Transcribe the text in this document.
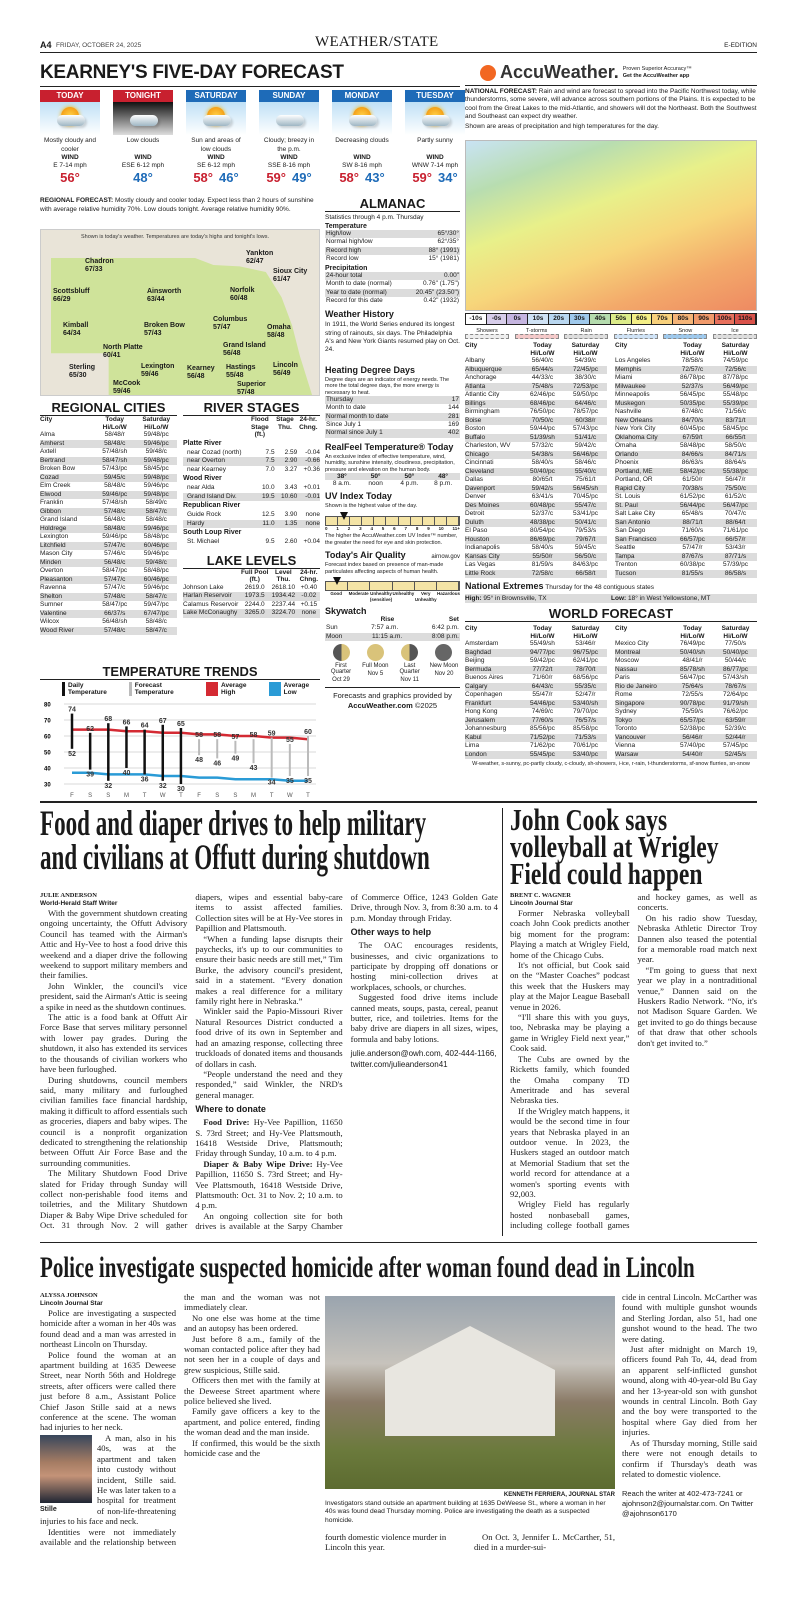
A4 FRIDAY, OCTOBER 24, 2025	WEATHER/STATE	E-EDITION
KEARNEY'S FIVE-DAY FORECAST
TODAY
Mostly cloudy and cooler
WIND
E 7-14 mph
56°
TONIGHT
Low clouds
WIND
ESE 6-12 mph
48°
SATURDAY
Sun and areas of low clouds
WIND
SE 6-12 mph
58° 46°
SUNDAY
Cloudy; breezy in the p.m.
WIND
SSE 8-16 mph
59° 49°
MONDAY
Decreasing clouds
WIND
SW 8-16 mph
58° 43°
TUESDAY
Partly sunny
WIND
WNW 7-14 mph
59° 34°
REGIONAL FORECAST: Mostly cloudy and cooler today. Expect less than 2 hours of sunshine with average relative humidity 70%. Low clouds tonight. Average relative humidity 90%.
Shown is today's weather. Temperatures are today's highs and tonight's lows.
Chadron
67/33
Scottsbluff
66/29
Kimball
64/34
Sterling
65/30
North Platte
60/41
McCook
59/46
Ainsworth
63/44
Broken Bow
57/43
Lexington
59/46
Kearney
56/48
Yankton
62/47
Sioux City
61/47
Norfolk
60/48
Columbus
57/47	Omaha
58/48
Grand Island
56/48
Hastings
55/48
Lincoln
56/49
Superior
57/48
REGIONAL CITIES
City	Today Hi/Lo/W
Saturday Hi/Lo/W
Alma	58/48/r	59/48/pc
Amherst	58/48/c	59/46/pc
Axtell	57/48/sh	59/48/c
Bertrand	58/47/sh	59/48/pc
Broken Bow	57/43/pc	58/45/pc
Cozad	59/45/c	59/48/pc
Elm Creek	58/48/c	59/46/pc
Elwood	59/46/pc	59/48/pc
Franklin	57/48/sh	58/49/c
Gibbon	57/48/c	58/47/c
Grand Island	56/48/c	58/48/c
Holdrege	58/48/c	59/46/pc
Lexington	59/46/pc	58/48/pc
Litchfield	57/47/c	60/46/pc
Mason City	57/46/c	59/46/pc
Minden	56/48/c	59/48/c
Overton	58/47/pc	58/48/pc
Pleasanton	57/47/c	60/46/pc
Ravenna	57/47/c	59/46/pc
Shelton	57/48/c	58/47/c
Sumner	58/47/pc	59/47/pc
Valentine	66/37/s	67/47/pc
Wilcox	56/48/sh	58/48/c
Wood River	57/48/c	58/47/c
RIVER STAGES
Flood Stage (ft.)
Stage Thu.
24-hr. Chng.
Platte River
near Cozad (north)	7.5	2.59	-0.04
near Overton	7.5	2.90	-0.66
near Kearney	7.0	3.27 +0.36
Wood River
near Alda	10.0	3.43 +0.01
Grand Island Div.	19.5 10.60	-0.01
Republican River
Guide Rock	12.5	3.90	none
Hardy	11.0	1.35	none
South Loup River
St. Michael	9.5	2.60 +0.04
LAKE LEVELS
Full Pool (ft.)
Level Thu.
24-hr. Chng.
Johnson Lake	2619.0	2618.10 +0.40
Harlan Reservoir	1973.5	1934.42 -0.02
Calamus Reservoir 2244.0	2237.44 +0.15
Lake McConaughy	3265.0	3224.70	none
TEMPERATURE TRENDS
Daily Temperature
Forecast Temperature
Average High
Average Low
80
70
60
50
40
30
74
52
F
62
39
S
68
32
S
66
40
M
64
36
T
67
32
W
65
30
T
58
48
F
58
46
S
57
49
S
58
43
M
59
34
T
55
35
W
60
35
T
ALMANAC
Statistics through 4 p.m. Thursday
Temperature
High/low	65°/30°
Normal high/low	62°/35°
Record high	88° (1991)
Record low	15° (1981)
Precipitation
24-hour total	0.00"
Month to date (normal)	0.76" (1.75")
Year to date (normal)	20.45" (23.50")
Record for this date	0.42" (1932)
Weather History

In 1911, the World Series endured its longest string of rainouts, six days. The Philadelphia A's and New York Giants resumed play on Oct. 24.

Heating Degree Days

Degree days are an indicator of energy needs. The more the total degree days, the more energy is necessary to heat.

Thursday	17
Month to date	144
Normal month to date	281
Since July 1	169
Normal since July 1	402
RealFeel Temperature® Today

An exclusive index of effective temperature, wind, humidity, sunshine intensity, cloudiness, precipitation, pressure and elevation on the human body.

38°	50°	50°	48°
8 a.m.	noon	4 p.m.	8 p.m.
UV Index Today

Shown is the highest value of the day.

0 1 2 3 4 5 6 7 8 9 10 11+

The higher the AccuWeather.com UV Index™ number, the greater the need for eye and skin protection.

Today's Air Quality	airnow.gov

Forecast index based on presence of man-made particulates affecting aspects of human health.

Good	Moderate Unhealthy (sensitive)
Unhealthy	Very Unhealthy
Hazardous
Skywatch
Rise	Set
Sun	7:57 a.m.	6:42 p.m.
Moon	11:15 a.m.	8:08 p.m.
First Quarter
Oct 29
Full Moon
Nov 5
Last Quarter
Nov 11
New Moon
Nov 20
Forecasts and graphics provided by
AccuWeather.com ©2025
AccuWeather. Proven Superior Accuracy™
Get the AccuWeather app
NATIONAL FORECAST: Rain and wind are forecast to spread into the Pacific Northwest today, while thunderstorms, some severe, will advance across southern portions of the Plains. It is expected to be cool from the Great Lakes to the mid-Atlantic, and showers will dot the Northeast. Both the Southwest and Southeast can expect dry weather.
Shown are areas of precipitation and high temperatures for the day.
-10s	-0s	0s	10s	20s	30s	40s	50s	60s	70s	80s	90s	100s 110s
Showers	T-storms	Rain	Flurries	Snow	Ice
City	Today Hi/Lo/W
Saturday Hi/Lo/W
Albany	56/40/c	54/39/c
Albuquerque	65/44/s	72/45/pc
Anchorage	44/33/c	38/30/c
Atlanta	75/48/s	72/53/pc
Atlantic City	62/46/pc	59/50/pc
Billings	68/46/pc	64/46/c
Birmingham	76/50/pc	78/57/pc
Boise	70/50/c	60/38/r
Boston	59/44/pc	57/43/pc
Buffalo	51/39/sh	51/41/c
Charleston, WV	57/32/c	59/42/c
Chicago	54/38/s	56/46/pc
Cincinnati	58/40/s	58/46/c
Cleveland	50/40/pc	55/40/c
Dallas	80/65/t	75/61/t
Davenport	59/42/s	56/45/sh
Denver	63/41/s	70/45/pc
Des Moines	60/48/pc	55/47/c
Detroit	52/37/c	53/41/pc
Duluth	48/38/pc	50/41/c
El Paso	80/54/pc	79/53/s
Houston	86/69/pc	79/67/t
Indianapolis	58/40/s	59/45/c
Kansas City	55/50/r	56/50/c
Las Vegas	81/59/s	84/63/pc
Little Rock	72/58/c	66/58/t
City	Today Hi/Lo/W
Saturday Hi/Lo/W
Los Angeles	78/58/s	74/59/pc
Memphis	72/57/c	72/56/c
Miami	86/78/pc	87/78/pc
Milwaukee	52/37/s	56/49/pc
Minneapolis	56/45/pc	55/48/pc
Muskegon	50/35/pc	55/39/pc
Nashville	67/48/c	71/56/c
New Orleans	84/70/s	83/71/t
New York City	60/45/pc	58/45/pc
Oklahoma City	67/59/t	66/55/t
Omaha	58/48/pc	58/50/c
Orlando	84/66/s	84/71/s
Phoenix	86/63/s	88/64/s
Portland, ME	58/42/pc	55/38/pc
Portland, OR	61/50/r	56/47/r
Rapid City	70/38/s	75/50/c
St. Louis	61/52/pc	61/52/c
St. Paul	56/44/pc	56/47/pc
Salt Lake City	65/48/s	70/47/c
San Antonio	88/71/t	88/64/t
San Diego	71/60/s	71/61/pc
San Francisco	66/57/pc	66/57/r
Seattle	57/47/r	53/43/r
Tampa	87/67/s	87/71/s
Trenton	60/38/pc	57/39/pc
Tucson	81/55/s	86/58/s
National Extremes Thursday for the 48 contiguous states
High: 95° in Brownsville, TX	Low: 18° in West Yellowstone, MT
WORLD FORECAST
City	Today Hi/Lo/W
Saturday Hi/Lo/W
Amsterdam	55/49/sh	53/46/r
Baghdad	94/77/pc	96/75/pc
Beijing	59/42/pc	62/41/pc
Bermuda	77/72/t	78/70/t
Buenos Aires	71/60/r	68/56/pc
Calgary	64/43/c	55/35/c
Copenhagen	55/47/r	52/47/r
Frankfurt	54/46/pc	53/40/sh
Hong Kong	74/69/c	79/70/pc
Jerusalem	77/60/s	76/57/s
Johannesburg	85/56/pc	85/58/pc
Kabul	71/52/pc	71/53/s
Lima	71/62/pc	70/61/pc
London	55/45/pc	53/40/pc
City	Today Hi/Lo/W
Saturday Hi/Lo/W
Mexico City	76/49/pc	77/50/s
Montreal	50/40/sh	50/40/pc
Moscow	48/41/r	50/44/c
Nassau	85/78/sh	86/77/pc
Paris	56/47/pc	57/43/sh
Rio de Janeiro	75/64/s	78/67/s
Rome	72/55/s	72/64/pc
Singapore	90/78/pc	91/79/sh
Sydney	75/59/s	76/62/pc
Tokyo	65/57/pc	63/59/r
Toronto	52/38/pc	52/39/c
Vancouver	56/46/r	52/44/r
Vienna	57/40/pc	57/45/pc
Warsaw	54/40/r	52/45/s
W-weather, s-sunny, pc-partly cloudy, c-cloudy, sh-showers, i-ice, r-rain, t-thunderstorms, sf-snow flurries, sn-snow
Food and diaper drives to help military
and civilians at Offutt during shutdown
JULIE ANDERSON
World-Herald Staff Writer

With the government shutdown creating ongoing uncertainty, the Offutt Advisory Council has teamed with the Airman's Attic and Hy-Vee to host a food drive this weekend and a diaper drive the following weekend to support military members and their families.

John Winkler, the council's vice president, said the Airman's Attic is seeing a spike in need as the shutdown continues.

The attic is a food bank at Offutt Air Force Base that serves military personnel with lower pay grades. During the shutdown, it also has extended its services to the thousands of civilian workers who have been furloughed.

During shutdowns, council members said, many military and furloughed civilian families face financial hardship, making it difficult to afford essentials such as groceries, diapers and baby wipes. The council is a nonprofit organization dedicated to strengthening the relationship between Offutt Air Force Base and the surrounding communities.

The Military Shutdown Food Drive slated for Friday through Sunday will collect non-perishable food items and toiletries, and the Military Shutdown Diaper & Baby Wipe Drive scheduled for Oct. 31 through Nov. 2 will gather diapers, wipes and essential baby-care items to assist affected families. Collection sites will be at Hy-Vee stores in Papillion and Plattsmouth.

“When a funding lapse disrupts their paychecks, it's up to our communities to ensure their basic needs are still met,” Tim Burke, the advisory council's president, said in a statement. “Every donation makes a real difference for a military family right here in Nebraska.”

Winkler said the Papio-Missouri River Natural Resources District conducted a food drive of its own in September and had an amazing response, collecting three truckloads of donated items and thousands of dollars in cash.

“People understand the need and they responded,” said Winkler, the NRD's general manager.

Where to donate

Food Drive: Hy-Vee Papillion, 11650 S. 73rd Street; and Hy-Vee Plattsmouth, 16418 Westside Drive, Plattsmouth; Friday through Sunday, 10 a.m. to 4 p.m.

Diaper & Baby Wipe Drive: Hy-Vee Papillion, 11650 S. 73rd Street; and Hy-Vee Plattsmouth, 16418 Westside Drive, Plattsmouth: Oct. 31 to Nov. 2; 10 a.m. to 4 p.m.

An ongoing collection site for both drives is available at the Sarpy Chamber of Commerce Office, 1243 Golden Gate Drive, through Nov. 3, from 8:30 a.m. to 4 p.m. Monday through Friday.

Other ways to help

The OAC encourages residents, businesses, and civic organizations to participate by dropping off donations or hosting mini-collection drives at workplaces, schools, or churches.

Suggested food drive items include canned meats, soups, pasta, cereal, peanut butter, rice, and toiletries. Items for the baby drive are diapers in all sizes, wipes, formula and baby lotions.

julie.anderson@owh.com, 402-444-1166, twitter.com/julieanderson41

John Cook says
volleyball at Wrigley
Field could happen
BRENT C. WAGNER
Lincoln Journal Star

Former Nebraska volleyball coach John Cook predicts another big moment for the program: Playing a match at Wrigley Field, home of the Chicago Cubs.

It's not official, but Cook said on the “Master Coaches” podcast this week that the Huskers may play at the Major League Baseball venue in 2026.

“I'll share this with you guys, too, Nebraska may be playing a game in Wrigley Field next year,” Cook said.

The Cubs are owned by the Ricketts family, which founded the Omaha company TD Ameritrade and has several Nebraska ties.

If the Wrigley match happens, it would be the second time in four years that Nebraska played in an outdoor venue. In 2023, the Huskers staged an outdoor match at Memorial Stadium that set the world record for attendance at a women's sporting events with 92,003.

Wrigley Field has regularly hosted nonbaseball games, including college football games and hockey games, as well as concerts.

On his radio show Tuesday, Nebraska Athletic Director Troy Dannen also teased the potential for a memorable road match next year.

“I'm going to guess that next year we play in a nontraditional venue,” Dannen said on the Huskers Radio Network. “No, it's not Madison Square Garden. We get invited to go do things because of that draw that other schools don't get invited to.”

Police investigate suspected homicide after woman found dead in Lincoln
ALYSSA JOHNSON
Lincoln Journal Star

Police are investigating a suspected homicide after a woman in her 40s was found dead and a man was arrested in northeast Lincoln on Thursday.

Police found the woman at an apartment building at 1635 Deweese Street, near North 56th and Holdrege streets, after officers were called there just before 8 a.m., Assistant Police Chief Jason Stille said at a news conference at the scene. The woman had injuries to her neck.

Stille

A man, also in his 40s, was at the apartment and taken into custody without incident, Stille said. He was later taken to a hospital for treatment of non-life-threatening injuries to his face and neck.

Identities were not immediately available and the relationship between the man and the woman was not immediately clear.

No one else was home at the time and an autopsy has been ordered.

Just before 8 a.m., family of the woman contacted police after they had not seen her in a couple of days and grew suspicious, Stille said.

Officers then met with the family at the Deweese Street apartment where police believed she lived.

Family gave officers a key to the apartment, and police entered, finding the woman dead and the man inside.

If confirmed, this would be the sixth homicide case and the

KENNETH FERRIERA, JOURNAL STAR
Investigators stand outside an apartment building at 1635 DeWeese St., where a woman in her 40s was found dead Thursday morning. Police are investigating the death as a suspected homicide.
fourth domestic violence murder in Lincoln this year.

On Oct. 3, Jennifer L. McCarther, 51, died in a murder-sui-

cide in central Lincoln. McCarther was found with multiple gunshot wounds and Sterling Jordan, also 51, had one gunshot wound to the head. The two were dating.

Just after midnight on March 19, officers found Pah To, 44, dead from an apparent self-inflicted gunshot wound, along with 40-year-old Bu Gay and her 13-year-old son with gunshot wounds in central Lincoln. Both Gay and the boy were transported to the hospital where Gay died from her injuries.

As of Thursday morning, Stille said there were not enough details to confirm if Thursday's death was related to domestic violence.

Reach the writer at 402-473-7241 or ajohnson2@journalstar.com. On Twitter @ajohnson6170
